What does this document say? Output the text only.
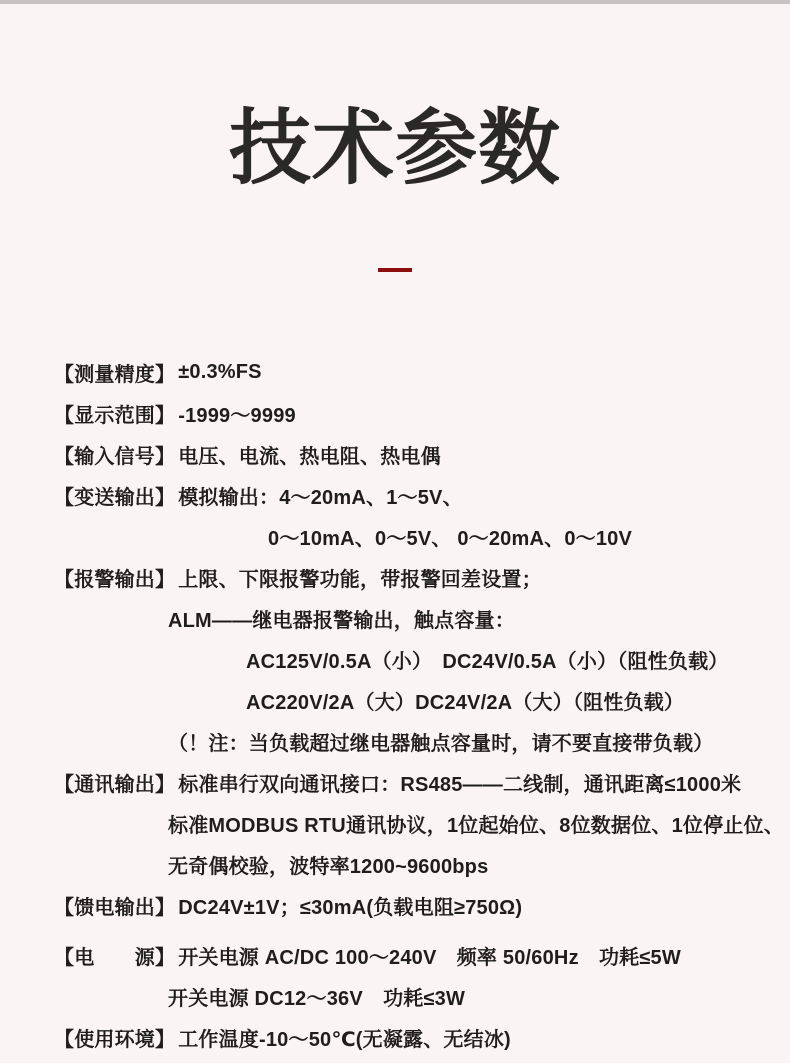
技术参数
【测量精度】 ±0.3%FS
【显示范围】 -1999～9999
【输入信号】 电压、电流、热电阻、热电偶
【变送输出】 模拟输出：4～20mA、1～5V、
0～10mA、0～5V、 0～20mA、0～10V
【报警输出】 上限、下限报警功能，带报警回差设置；
ALM——继电器报警输出，触点容量：
AC125V/0.5A（小）　DC24V/0.5A（小）（阻性负载）
AC220V/2A（大）DC24V/2A（大）（阻性负载）
（！注：当负载超过继电器触点容量时，请不要直接带负载）
【通讯输出】 标准串行双向通讯接口：RS485——二线制，通讯距离≤1000米
标准MODBUS RTU通讯协议，1位起始位、8位数据位、1位停止位、
无奇偶校验，波特率1200~9600bps
【馈电输出】 DC24V±1V；≤30mA(负载电阻≥750Ω)
【电　　源】 开关电源 AC/DC 100～240V　频率 50/60Hz　功耗≤5W
开关电源 DC12～36V　功耗≤3W
【使用环境】 工作温度-10～50℃(无凝露、无结冰)
